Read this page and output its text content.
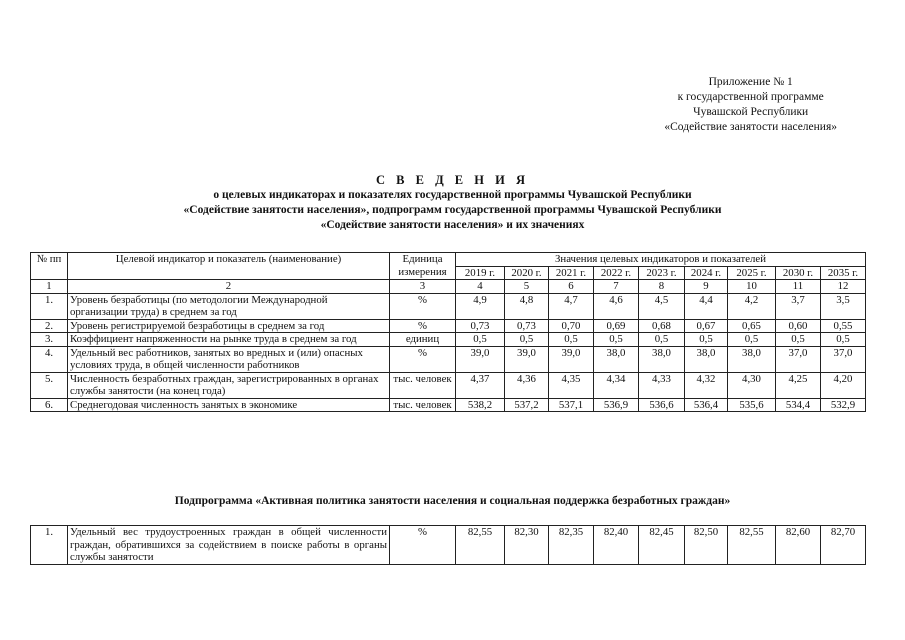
Приложение № 1
к государственной программе
Чувашской Республики
«Содействие занятости населения»
С В Е Д Е Н И Я
о целевых индикаторах и показателях государственной программы Чувашской Республики
«Содействие занятости населения», подпрограмм государственной программы Чувашской Республики
«Содействие занятости населения» и их значениях
№ пп	Целевой индикатор и показатель (наименование)	Единица измерения	Значения целевых индикаторов и показателей								
			2019 г.	2020 г.	2021 г.	2022 г.	2023 г.	2024 г.	2025 г.	2030 г.	2035 г.
1	2	3	4	5	6	7	8	9	10	11	12
1.	Уровень безработицы (по методологии Международной организации труда) в среднем за год	%	4,9	4,8	4,7	4,6	4,5	4,4	4,2	3,7	3,5
2.	Уровень регистрируемой безработицы в среднем за год	%	0,73	0,73	0,70	0,69	0,68	0,67	0,65	0,60	0,55
3.	Коэффициент напряженности на рынке труда в среднем за год	единиц	0,5	0,5	0,5	0,5	0,5	0,5	0,5	0,5	0,5
4.	Удельный вес работников, занятых во вредных и (или) опасных условиях труда, в общей численности работников	%	39,0	39,0	39,0	38,0	38,0	38,0	38,0	37,0	37,0
5.	Численность безработных граждан, зарегистрированных в органах службы занятости (на конец года)	тыс. человек	4,37	4,36	4,35	4,34	4,33	4,32	4,30	4,25	4,20
6.	Среднегодовая численность занятых в экономике	тыс. человек	538,2	537,2	537,1	536,9	536,6	536,4	535,6	534,4	532,9
Подпрограмма «Активная политика занятости населения и социальная поддержка безработных граждан»
1.	Удельный вес трудоустроенных граждан в общей численности граждан, обратившихся за содействием в поиске работы в органы службы занятости	%	82,55	82,30	82,35	82,40	82,45	82,50	82,55	82,60	82,70
